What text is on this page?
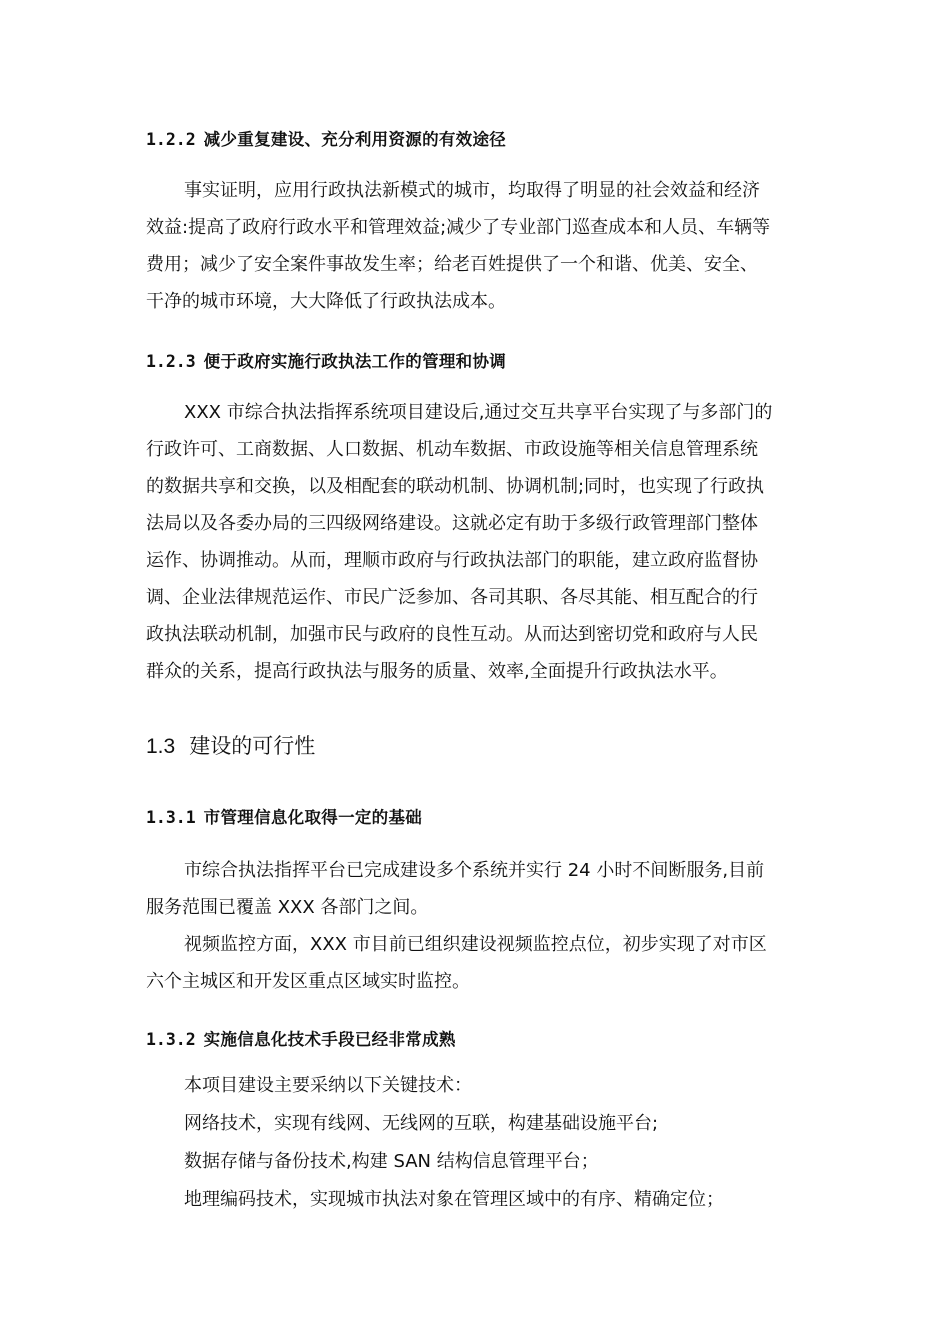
1.2.2 减少重复建设、充分利用资源的有效途径
事实证明，应用行政执法新模式的城市，均取得了明显的社会效益和经济
效益:提高了政府行政水平和管理效益;减少了专业部门巡查成本和人员、车辆等
费用；减少了安全案件事故发生率；给老百姓提供了一个和谐、优美、安全、
干净的城市环境，大大降低了行政执法成本。
1.2.3 便于政府实施行政执法工作的管理和协调
XXX 市综合执法指挥系统项目建设后,通过交互共享平台实现了与多部门的
行政许可、工商数据、人口数据、机动车数据、市政设施等相关信息管理系统
的数据共享和交换，以及相配套的联动机制、协调机制;同时，也实现了行政执
法局以及各委办局的三四级网络建设。这就必定有助于多级行政管理部门整体
运作、协调推动。从而，理顺市政府与行政执法部门的职能，建立政府监督协
调、企业法律规范运作、市民广泛参加、各司其职、各尽其能、相互配合的行
政执法联动机制，加强市民与政府的良性互动。从而达到密切党和政府与人民
群众的关系，提高行政执法与服务的质量、效率,全面提升行政执法水平。
1.3 建设的可行性
1.3.1 市管理信息化取得一定的基础
市综合执法指挥平台已完成建设多个系统并实行 24 小时不间断服务,目前
服务范围已覆盖 XXX 各部门之间。
视频监控方面，XXX 市目前已组织建设视频监控点位，初步实现了对市区
六个主城区和开发区重点区域实时监控。
1.3.2 实施信息化技术手段已经非常成熟
本项目建设主要采纳以下关键技术：
网络技术，实现有线网、无线网的互联，构建基础设施平台;
数据存储与备份技术,构建 SAN 结构信息管理平台；
地理编码技术，实现城市执法对象在管理区域中的有序、精确定位；
